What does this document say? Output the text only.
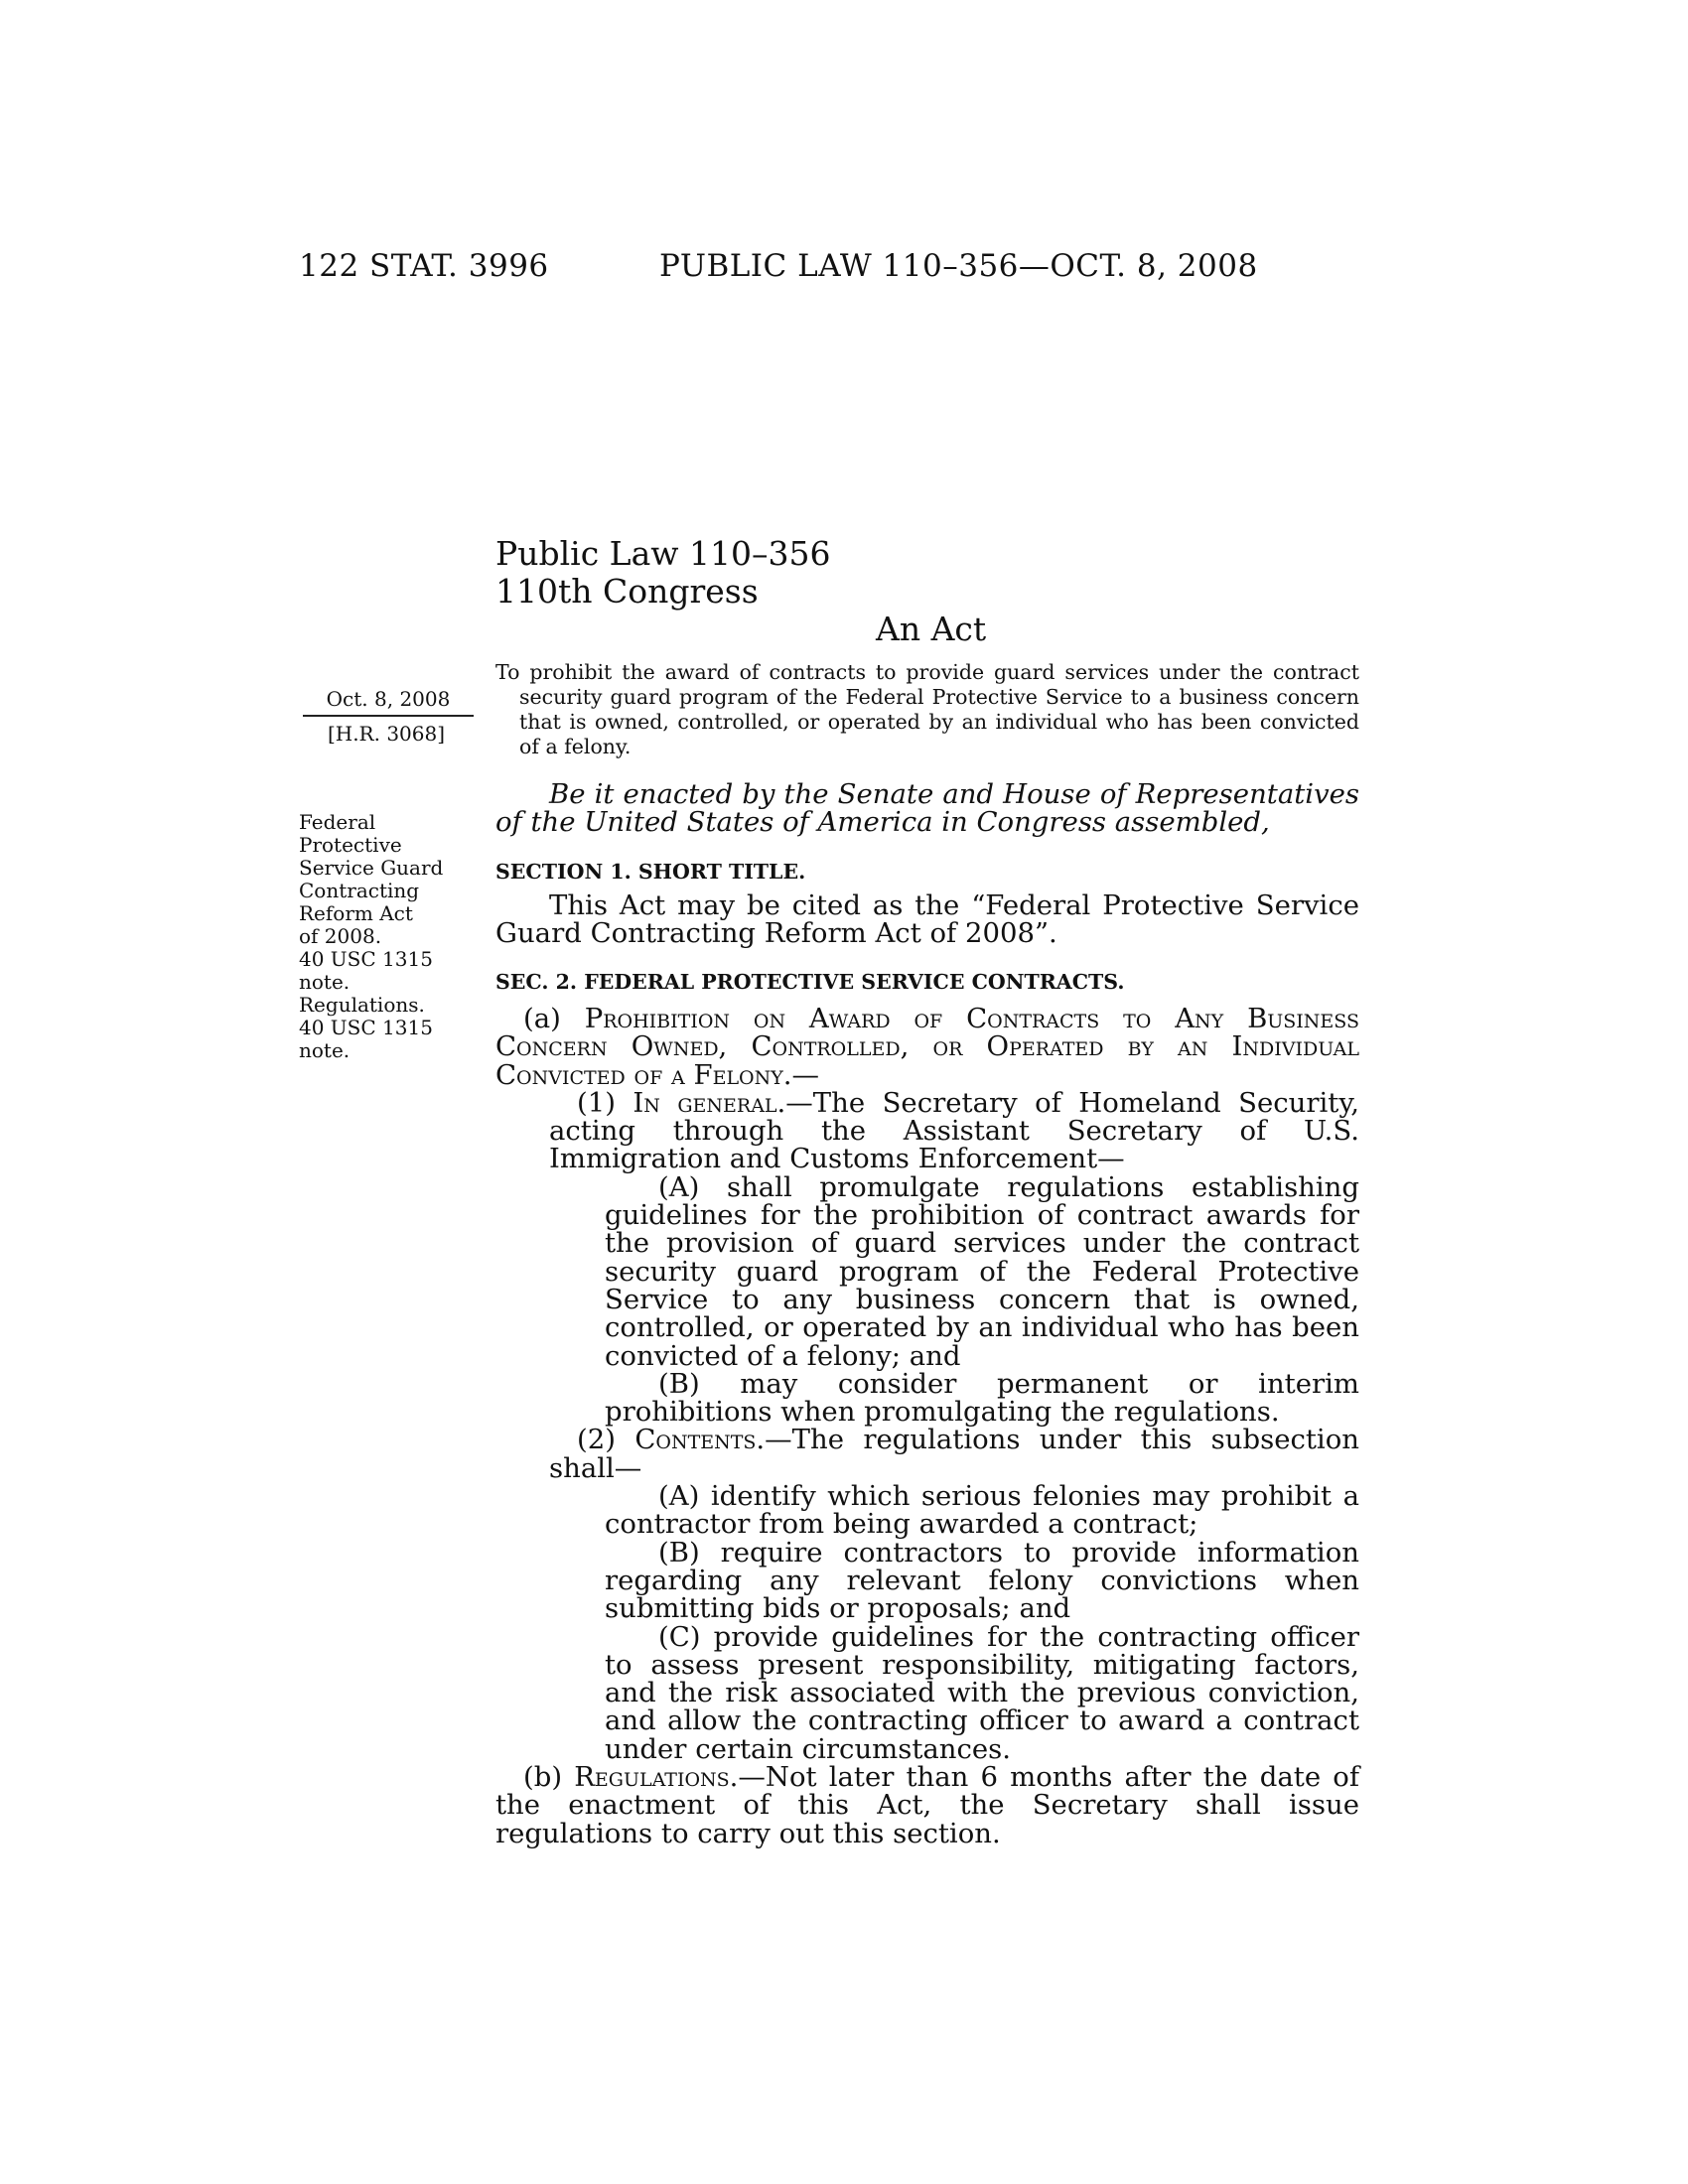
122 STAT. 3996	PUBLIC LAW 110–356—OCT. 8, 2008
Public Law 110–356
110th Congress
An Act
To prohibit the award of contracts to provide guard services under the contract security guard program of the Federal Protective Service to a business concern that is owned, controlled, or operated by an individual who has been convicted of a felony.
Oct. 8, 2008
[H.R. 3068]
Federal
Protective
Service Guard
Contracting
Reform Act
of 2008.
40 USC 1315
note.
Regulations.
40 USC 1315
note.
Be it enacted by the Senate and House of Representatives of the United States of America in Congress assembled,
SECTION 1. SHORT TITLE.
This Act may be cited as the “Federal Protective Service Guard Contracting Reform Act of 2008”.
SEC. 2. FEDERAL PROTECTIVE SERVICE CONTRACTS.
(a) Prohibition on Award of Contracts to Any Business Concern Owned, Controlled, or Operated by an Individual Convicted of a Felony.—
(1) In general.—The Secretary of Homeland Security, acting through the Assistant Secretary of U.S. Immigration and Customs Enforcement—
(A) shall promulgate regulations establishing guidelines for the prohibition of contract awards for the provision of guard services under the contract security guard program of the Federal Protective Service to any business concern that is owned, controlled, or operated by an individual who has been convicted of a felony; and
(B) may consider permanent or interim prohibitions when promulgating the regulations.
(2) Contents.—The regulations under this subsection shall—
(A) identify which serious felonies may prohibit a contractor from being awarded a contract;
(B) require contractors to provide information regarding any relevant felony convictions when submitting bids or proposals; and
(C) provide guidelines for the contracting officer to assess present responsibility, mitigating factors, and the risk associated with the previous conviction, and allow the contracting officer to award a contract under certain circumstances.
(b) Regulations.—Not later than 6 months after the date of the enactment of this Act, the Secretary shall issue regulations to carry out this section.
